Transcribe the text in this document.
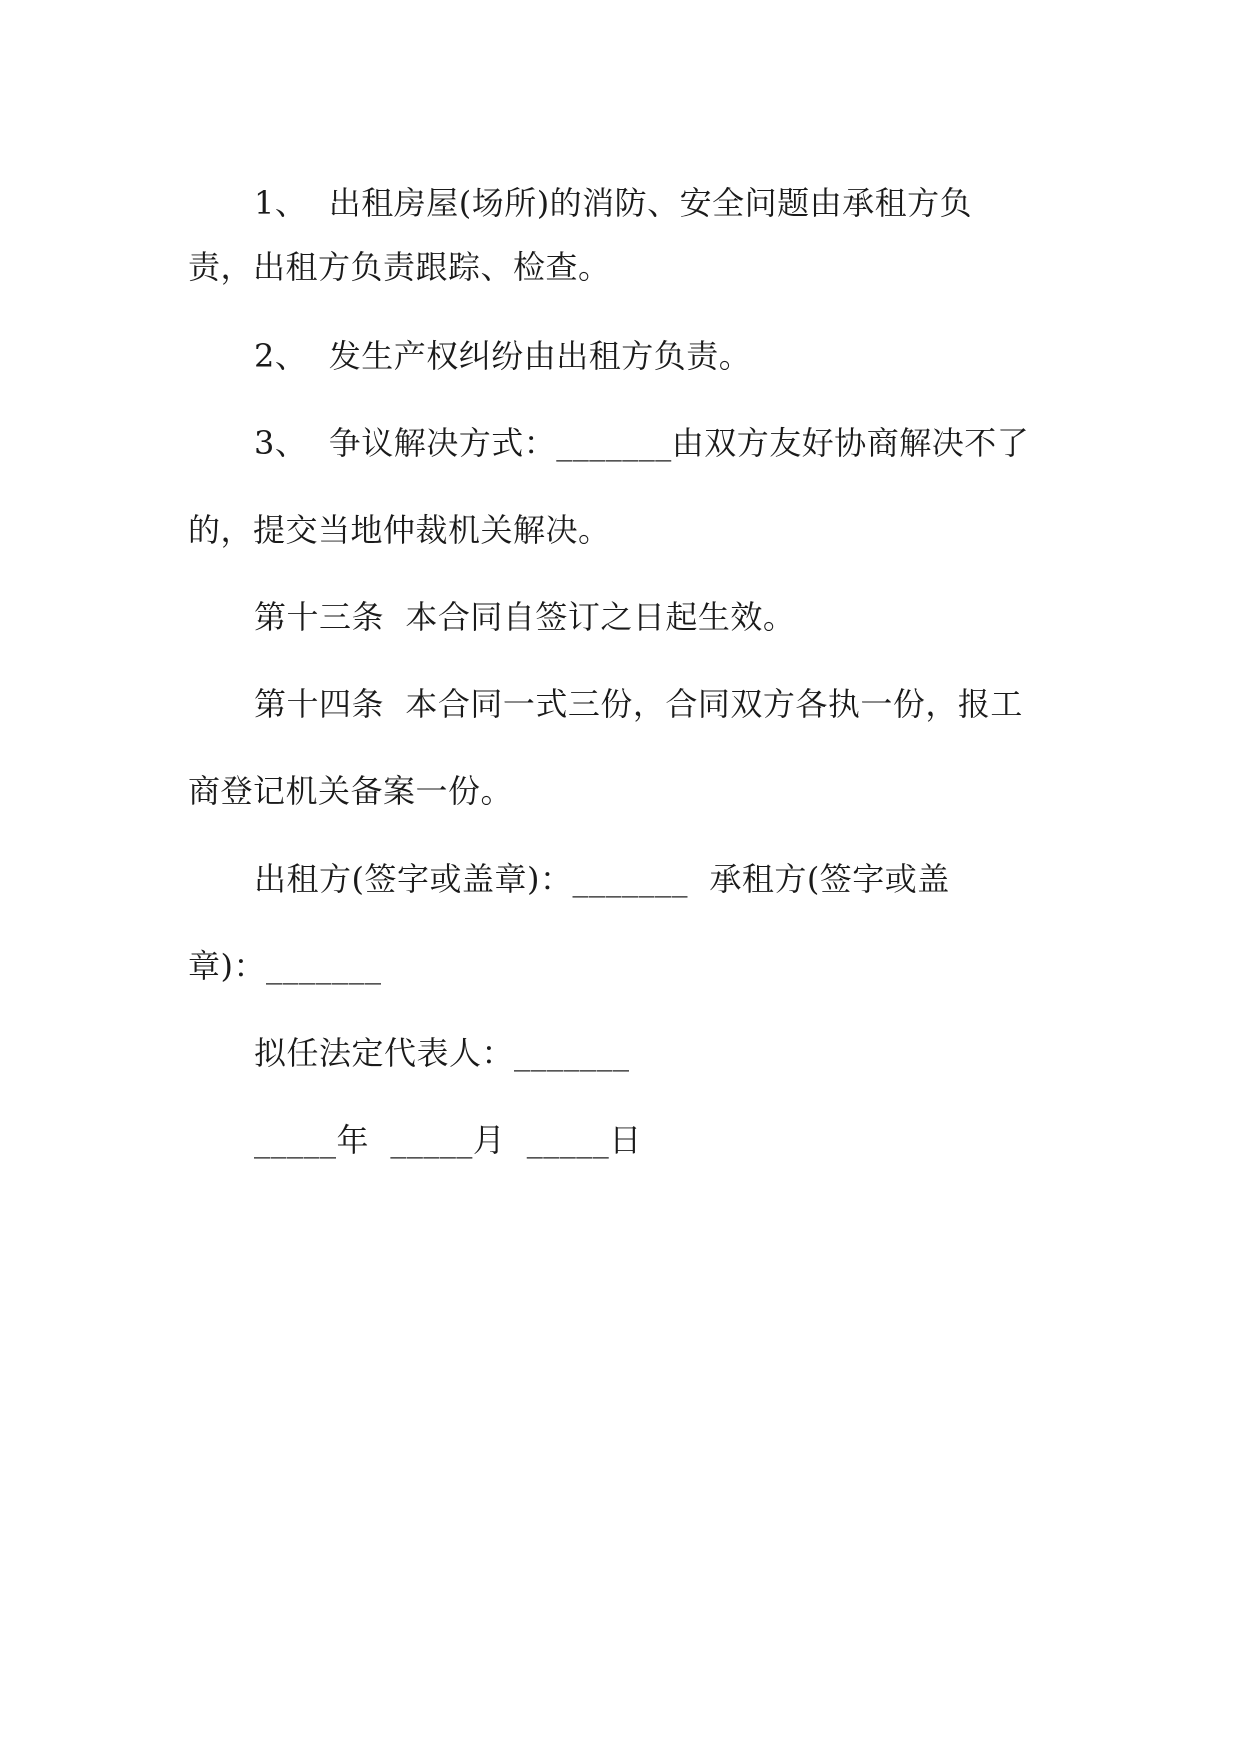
1、  出租房屋(场所)的消防、安全问题由承租方负
责，出租方负责跟踪、检查。
2、  发生产权纠纷由出租方负责。
3、  争议解决方式：_______由双方友好协商解决不了
的，提交当地仲裁机关解决。
第十三条  本合同自签订之日起生效。
第十四条  本合同一式三份，合同双方各执一份，报工
商登记机关备案一份。
出租方(签字或盖章)：_______  承租方(签字或盖
章)：_______
拟任法定代表人：_______
_____年  _____月  _____日
